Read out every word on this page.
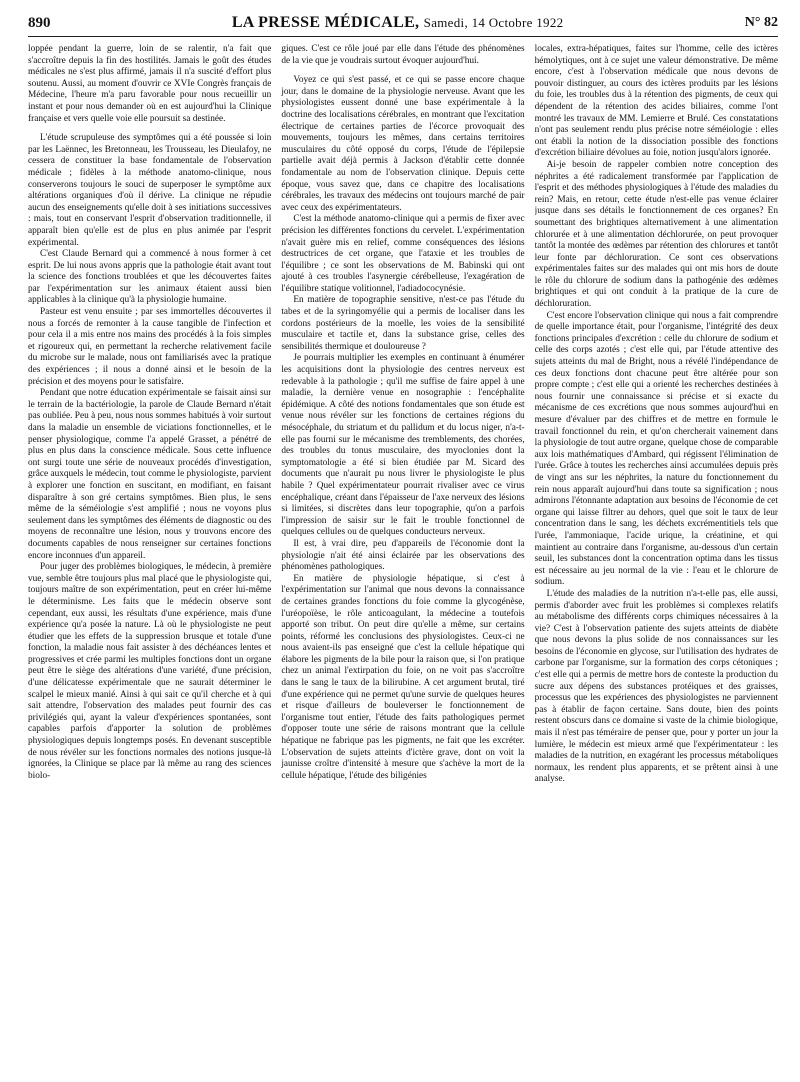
890	LA PRESSE MÉDICALE, Samedi, 14 Octobre 1922	N° 82

loppée pendant la guerre, loin de se ralentir, n'a fait que s'accroître depuis la fin des hostilités. Jamais le goût des études médicales ne s'est plus affirmé, jamais il n'a suscité d'effort plus soutenu. Aussi, au moment d'ouvrir ce XVIe Congrès français de Médecine, l'heure m'a paru favorable pour nous recueillir un instant et pour nous demander où en est aujourd'hui la Clinique française et vers quelle voie elle poursuit sa destinée.

L'étude scrupuleuse des symptômes qui a été poussée si loin par les Laënnec, les Bretonneau, les Trousseau, les Dieulafoy, ne cessera de constituer la base fondamentale de l'observation médicale ; fidèles à la méthode anatomo-clinique, nous conserverons toujours le souci de superposer le symptôme aux altérations organiques d'où il dérive. La clinique ne répudie aucun des enseignements qu'elle doit à ses initiations successives : mais, tout en conservant l'esprit d'observation traditionnelle, il apparaît bien qu'elle est de plus en plus animée par l'esprit expérimental.

C'est Claude Bernard qui a commencé à nous former à cet esprit. De lui nous avons appris que la pathologie était avant tout la science des fonctions troublées et que les découvertes faites par l'expérimentation sur les animaux étaient aussi bien applicables à la clinique qu'à la physiologie humaine.

Pasteur est venu ensuite ; par ses immortelles découvertes il nous a forcés de remonter à la cause tangible de l'infection et pour cela il a mis entre nos mains des procédés à la fois simples et rigoureux qui, en permettant la recherche relativement facile du microbe sur le malade, nous ont familiarisés avec la pratique des expériences ; il nous a donné ainsi et le besoin de la précision et des moyens pour le satisfaire.

Pendant que notre éducation expérimentale se faisait ainsi sur le terrain de la bactériologie, la parole de Claude Bernard n'était pas oubliée. Peu à peu, nous nous sommes habitués à voir surtout dans la maladie un ensemble de viciations fonctionnelles, et le penser physiologique, comme l'a appelé Grasset, a pénétré de plus en plus dans la conscience médicale. Sous cette influence ont surgi toute une série de nouveaux procédés d'investigation, grâce auxquels le médecin, tout comme le physiologiste, parvient à explorer une fonction en suscitant, en modifiant, en faisant disparaître à son gré certains symptômes. Bien plus, le sens même de la séméiologie s'est amplifié ; nous ne voyons plus seulement dans les symptômes des éléments de diagnostic ou des moyens de reconnaître une lésion, nous y trouvons encore des documents capables de nous renseigner sur certaines fonctions encore inconnues d'un appareil.

Pour juger des problèmes biologiques, le médecin, à première vue, semble être toujours plus mal placé que le physiologiste qui, toujours maître de son expérimentation, peut en créer lui-même le déterminisme. Les faits que le médecin observe sont cependant, eux aussi, les résultats d'une expérience, mais d'une expérience qu'a posée la nature. Là où le physiologiste ne peut étudier que les effets de la suppression brusque et totale d'une fonction, la maladie nous fait assister à des déchéances lentes et progressives et crée parmi les multiples fonctions dont un organe peut être le siège des altérations d'une variété, d'une précision, d'une délicatesse expérimentale que ne saurait déterminer le scalpel le mieux manié. Ainsi à qui sait ce qu'il cherche et à qui sait attendre, l'observation des malades peut fournir des cas privilégiés qui, ayant la valeur d'expériences spontanées, sont capables parfois d'apporter la solution de problèmes physiologiques depuis longtemps posés. En devenant susceptible de nous révéler sur les fonctions normales des notions jusque-là ignorées, la Clinique se place par là même au rang des sciences biolo-

giques. C'est ce rôle joué par elle dans l'étude des phénomènes de la vie que je voudrais surtout évoquer aujourd'hui.

Voyez ce qui s'est passé, et ce qui se passe encore chaque jour, dans le domaine de la physiologie nerveuse. Avant que les physiologistes eussent donné une base expérimentale à la doctrine des localisations cérébrales, en montrant que l'excitation électrique de certaines parties de l'écorce provoquait des mouvements, toujours les mêmes, dans certains territoires musculaires du côté opposé du corps, l'étude de l'épilepsie partielle avait déjà permis à Jackson d'établir cette donnée fondamentale au nom de l'observation clinique. Depuis cette époque, vous savez que, dans ce chapitre des localisations cérébrales, les travaux des médecins ont toujours marché de pair avec ceux des expérimentateurs.

C'est la méthode anatomo-clinique qui a permis de fixer avec précision les différentes fonctions du cervelet. L'expérimentation n'avait guère mis en relief, comme conséquences des lésions destructrices de cet organe, que l'ataxie et les troubles de l'équilibre ; ce sont les observations de M. Babinski qui ont ajouté à ces troubles l'asynergie cérébelleuse, l'exagération de l'équilibre statique volitionnel, l'adiadococynésie.

En matière de topographie sensitive, n'est-ce pas l'étude du tabes et de la syringomyélie qui a permis de localiser dans les cordons postérieurs de la moelle, les voies de la sensibilité musculaire et tactile et, dans la substance grise, celles des sensibilités thermique et douloureuse ?

Je pourrais multiplier les exemples en continuant à énumérer les acquisitions dont la physiologie des centres nerveux est redevable à la pathologie ; qu'il me suffise de faire appel à une maladie, la dernière venue en nosographie : l'encéphalite épidémique. A côté des notions fondamentales que son étude est venue nous révéler sur les fonctions de certaines régions du mésocéphale, du striatum et du pallidum et du locus niger, n'a-t-elle pas fourni sur le mécanisme des tremblements, des chorées, des troubles du tonus musculaire, des myoclonies dont la symptomatologie a été si bien étudiée par M. Sicard des documents que n'aurait pu nous livrer le physiologiste le plus habile ? Quel expérimentateur pourrait rivaliser avec ce virus encéphalique, créant dans l'épaisseur de l'axe nerveux des lésions si limitées, si discrètes dans leur topographie, qu'on a parfois l'impression de saisir sur le fait le trouble fonctionnel de quelques cellules ou de quelques conducteurs nerveux.

Il est, à vrai dire, peu d'appareils de l'économie dont la physiologie n'ait été ainsi éclairée par les observations des phénomènes pathologiques.

En matière de physiologie hépatique, si c'est à l'expérimentation sur l'animal que nous devons la connaissance de certaines grandes fonctions du foie comme la glycogénèse, l'uréopoïèse, le rôle anticoagulant, la médecine a toutefois apporté son tribut. On peut dire qu'elle a même, sur certains points, réformé les conclusions des physiologistes. Ceux-ci ne nous avaient-ils pas enseigné que c'est la cellule hépatique qui élabore les pigments de la bile pour la raison que, si l'on pratique chez un animal l'extirpation du foie, on ne voit pas s'accroître dans le sang le taux de la bilirubine. A cet argument brutal, tiré d'une expérience qui ne permet qu'une survie de quelques heures et risque d'ailleurs de bouleverser le fonctionnement de l'organisme tout entier, l'étude des faits pathologiques permet d'opposer toute une série de raisons montrant que la cellule hépatique ne fabrique pas les pigments, ne fait que les excréter. L'observation de sujets atteints d'ictère grave, dont on voit la jaunisse croître d'intensité à mesure que s'achève la mort de la cellule hépatique, l'étude des biligénies

locales, extra-hépatiques, faites sur l'homme, celle des ictères hémolytiques, ont à ce sujet une valeur démonstrative. De même encore, c'est à l'observation médicale que nous devons de pouvoir distinguer, au cours des ictères produits par les lésions du foie, les troubles dus à la rétention des pigments, de ceux qui dépendent de la rétention des acides biliaires, comme l'ont montré les travaux de MM. Lemierre et Brulé. Ces constatations n'ont pas seulement rendu plus précise notre séméiologie : elles ont établi la notion de la dissociation possible des fonctions d'excrétion biliaire dévolues au foie, notion jusqu'alors ignorée.

Ai-je besoin de rappeler combien notre conception des néphrites a été radicalement transformée par l'application de l'esprit et des méthodes physiologiques à l'étude des maladies du rein? Mais, en retour, cette étude n'est-elle pas venue éclairer jusque dans ses détails le fonctionnement de ces organes? En soumettant des brightiques alternativement à une alimentation chlorurée et à une alimentation déchlorurée, on peut provoquer tantôt la montée des œdèmes par rétention des chlorures et tantôt leur fonte par déchloruration. Ce sont ces observations expérimentales faites sur des malades qui ont mis hors de doute le rôle du chlorure de sodium dans la pathogénie des œdèmes brightiques et qui ont conduit à la pratique de la cure de déchloruration.

C'est encore l'observation clinique qui nous a fait comprendre de quelle importance était, pour l'organisme, l'intégrité des deux fonctions principales d'excrétion : celle du chlorure de sodium et celle des corps azotés ; c'est elle qui, par l'étude attentive des sujets atteints du mal de Bright, nous a révélé l'indépendance de ces deux fonctions dont chacune peut être altérée pour son propre compte ; c'est elle qui a orienté les recherches destinées à nous fournir une connaissance si précise et si exacte du mécanisme de ces excrétions que nous sommes aujourd'hui en mesure d'évaluer par des chiffres et de mettre en formule le travail fonctionnel du rein, et qu'on chercherait vainement dans la physiologie de tout autre organe, quelque chose de comparable aux lois mathématiques d'Ambard, qui régissent l'élimination de l'urée. Grâce à toutes les recherches ainsi accumulées depuis près de vingt ans sur les néphrites, la nature du fonctionnement du rein nous apparaît aujourd'hui dans toute sa signification ; nous admirons l'étonnante adaptation aux besoins de l'économie de cet organe qui laisse filtrer au dehors, quel que soit le taux de leur concentration dans le sang, les déchets excrémentitiels tels que l'urée, l'ammoniaque, l'acide urique, la créatinine, et qui maintient au contraire dans l'organisme, au-dessous d'un certain seuil, les substances dont la concentration optima dans les tissus est nécessaire au jeu normal de la vie : l'eau et le chlorure de sodium.

L'étude des maladies de la nutrition n'a-t-elle pas, elle aussi, permis d'aborder avec fruit les problèmes si complexes relatifs au métabolisme des différents corps chimiques nécessaires à la vie? C'est à l'observation patiente des sujets atteints de diabète que nous devons la plus solide de nos connaissances sur les besoins de l'économie en glycose, sur l'utilisation des hydrates de carbone par l'organisme, sur la formation des corps cétoniques ; c'est elle qui a permis de mettre hors de conteste la production du sucre aux dépens des substances protéiques et des graisses, processus que les expériences des physiologistes ne parviennent pas à établir de façon certaine. Sans doute, bien des points restent obscurs dans ce domaine si vaste de la chimie biologique, mais il n'est pas téméraire de penser que, pour y porter un jour la lumière, le médecin est mieux armé que l'expérimentateur : les maladies de la nutrition, en exagérant les processus métaboliques normaux, les rendent plus apparents, et se prêtent ainsi à une analyse.
